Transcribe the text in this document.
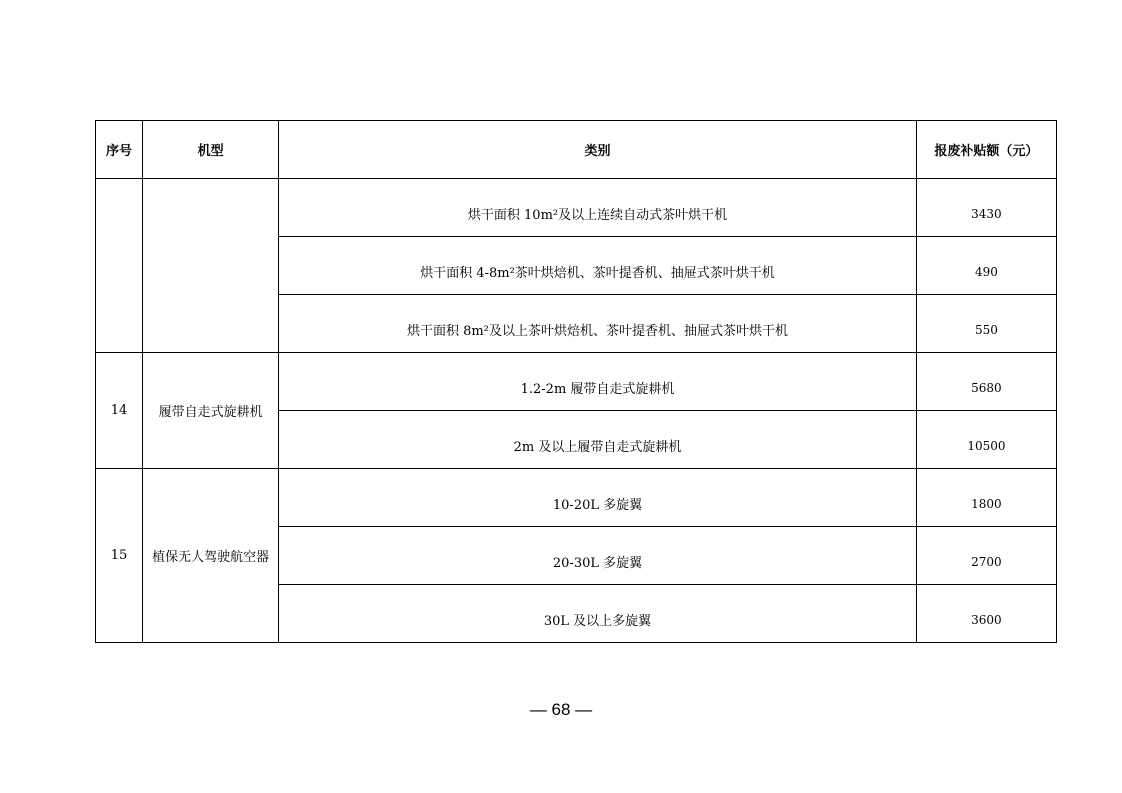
序号	机型	类别	报废补贴额（元）
		烘干面积 10m²及以上连续自动式茶叶烘干机	3430
		烘干面积 4-8m²茶叶烘焙机、茶叶提香机、抽屉式茶叶烘干机	490
		烘干面积 8m²及以上茶叶烘焙机、茶叶提香机、抽屉式茶叶烘干机	550
14	履带自走式旋耕机	1.2-2m 履带自走式旋耕机	5680
		2m 及以上履带自走式旋耕机	10500
15	植保无人驾驶航空器	10-20L 多旋翼	1800
		20-30L 多旋翼	2700
		30L 及以上多旋翼	3600
— 68 —
